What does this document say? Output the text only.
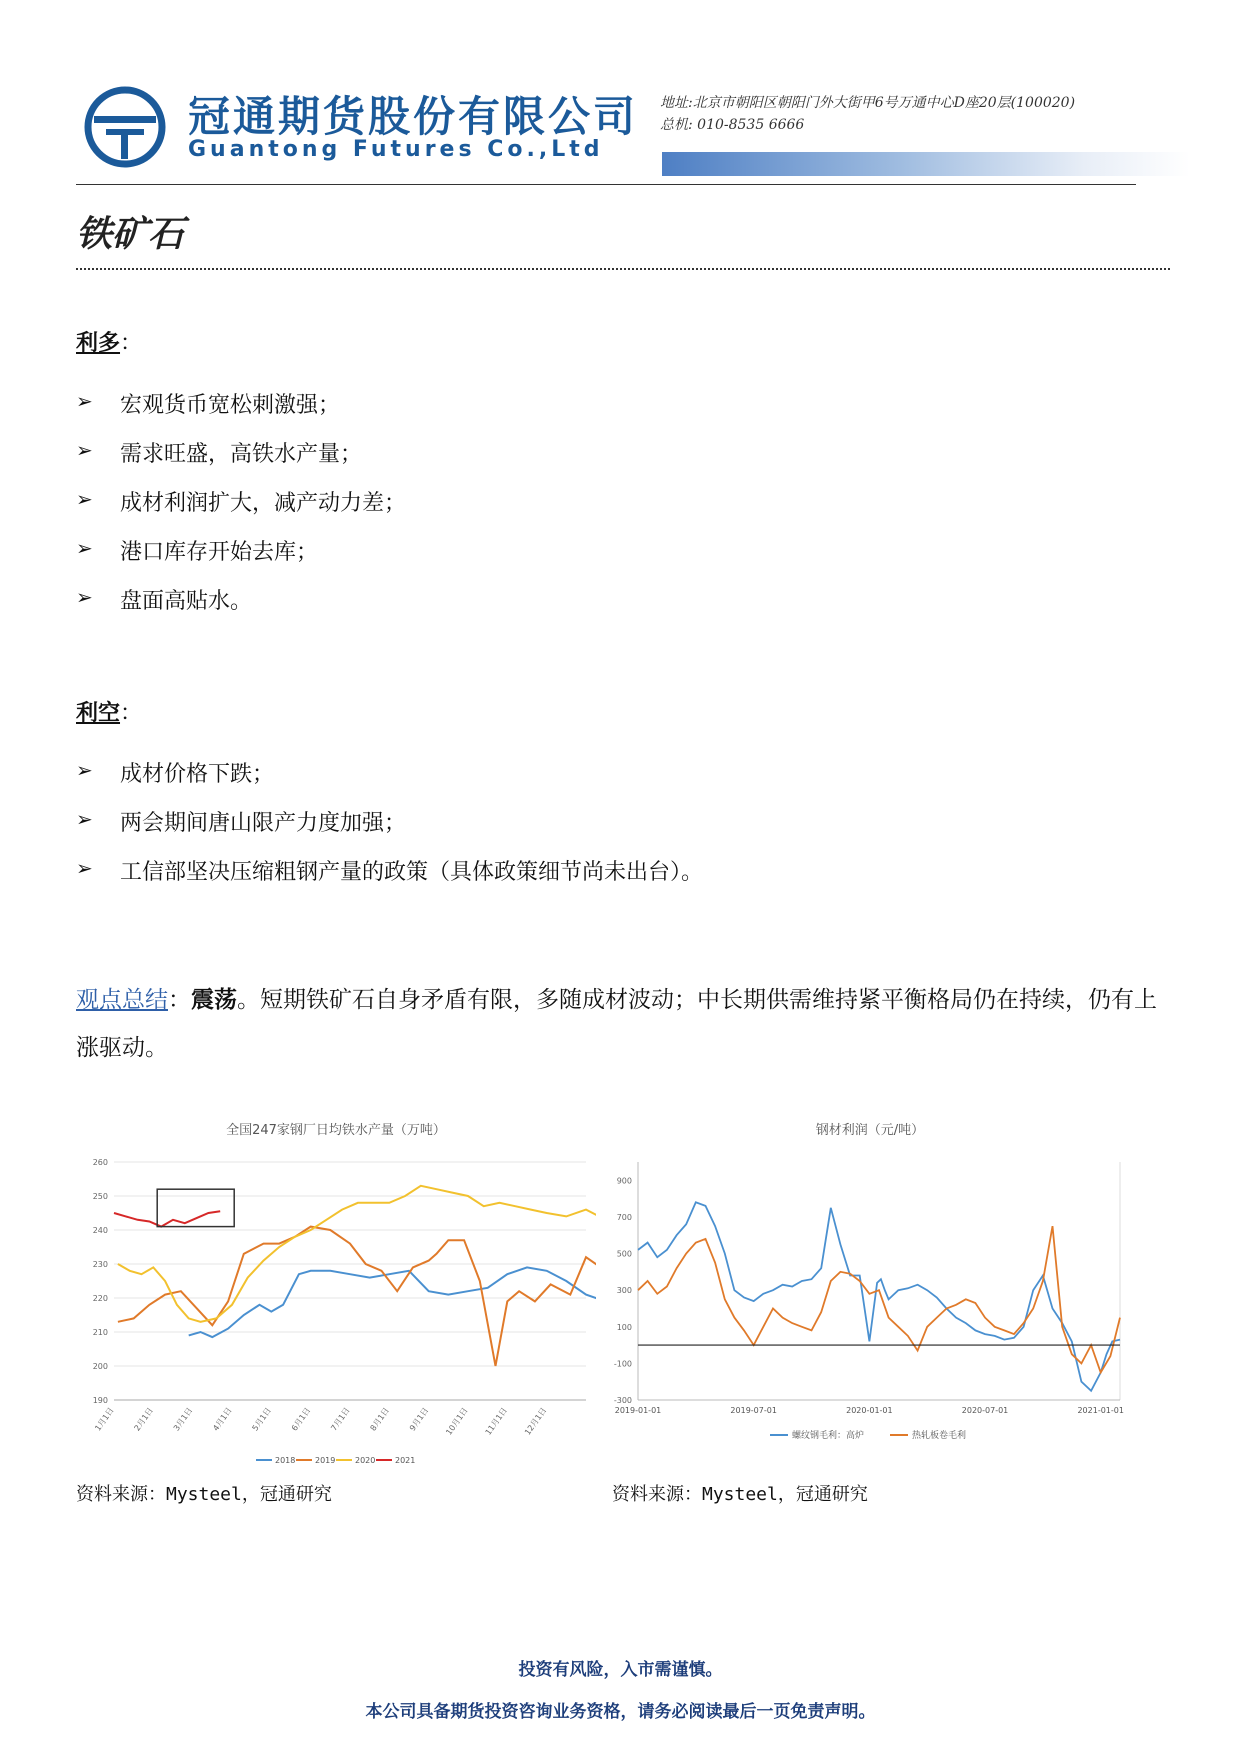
冠通期货股份有限公司
Guantong Futures Co.,Ltd
地址:北京市朝阳区朝阳门外大街甲6号万通中心D座20层(100020)
总机: 010-8535 6666
铁矿石
利多：
➢	宏观货币宽松刺激强；
➢	需求旺盛，高铁水产量；
➢	成材利润扩大，减产动力差；
➢	港口库存开始去库；
➢	盘面高贴水。
利空：
➢	成材价格下跌；
➢	两会期间唐山限产力度加强；
➢	工信部坚决压缩粗钢产量的政策（具体政策细节尚未出台）。
观点总结：震荡。短期铁矿石自身矛盾有限，多随成材波动；中长期供需维持紧平衡格局仍在持续，仍有上涨驱动。
全国247家钢厂日均铁水产量（万吨）
190
200
210
220
230
240
250
260
1月1日 2月1日 3月1日 4月1日 5月1日 6月1日 7月1日 8月1日 9月1日 10月1日 11月1日 12月1日
2018 2019 2020 2021
资料来源：Mysteel，冠通研究
钢材利润（元/吨）
-300
-100
100
300
500
700
900
2019-01-01	2019-07-01	2020-01-01	2020-07-01	2021-01-01
螺纹钢毛利：高炉	热轧板卷毛利
资料来源：Mysteel，冠通研究
投资有风险，入市需谨慎。
本公司具备期货投资咨询业务资格，请务必阅读最后一页免责声明。
